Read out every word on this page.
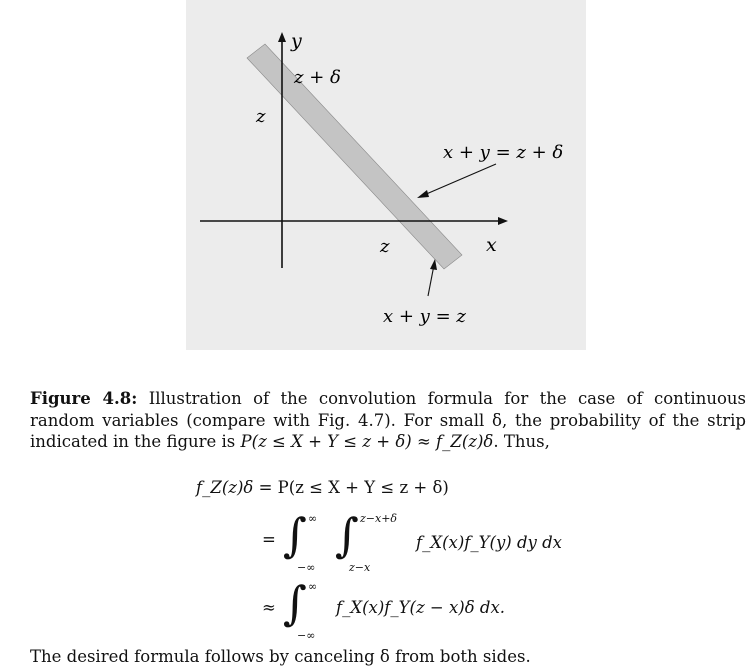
y
x
z + δ
z
z
x + y = z + δ
x + y = z
Figure 4.8: Illustration of the convolution formula for the case of continuous random variables (compare with Fig. 4.7). For small δ, the probability of the strip indicated in the figure is P(z ≤ X + Y ≤ z + δ) ≈ f_Z(z)δ. Thus,
f_Z(z)δ = P(z ≤ X + Y ≤ z + δ)
= ∫ ∞
−∞
∫ z−x+δ
z−x
f_X(x)f_Y(y) dy dx
≈ ∫ ∞
−∞
f_X(x)f_Y(z − x)δ dx.
The desired formula follows by canceling δ from both sides.
